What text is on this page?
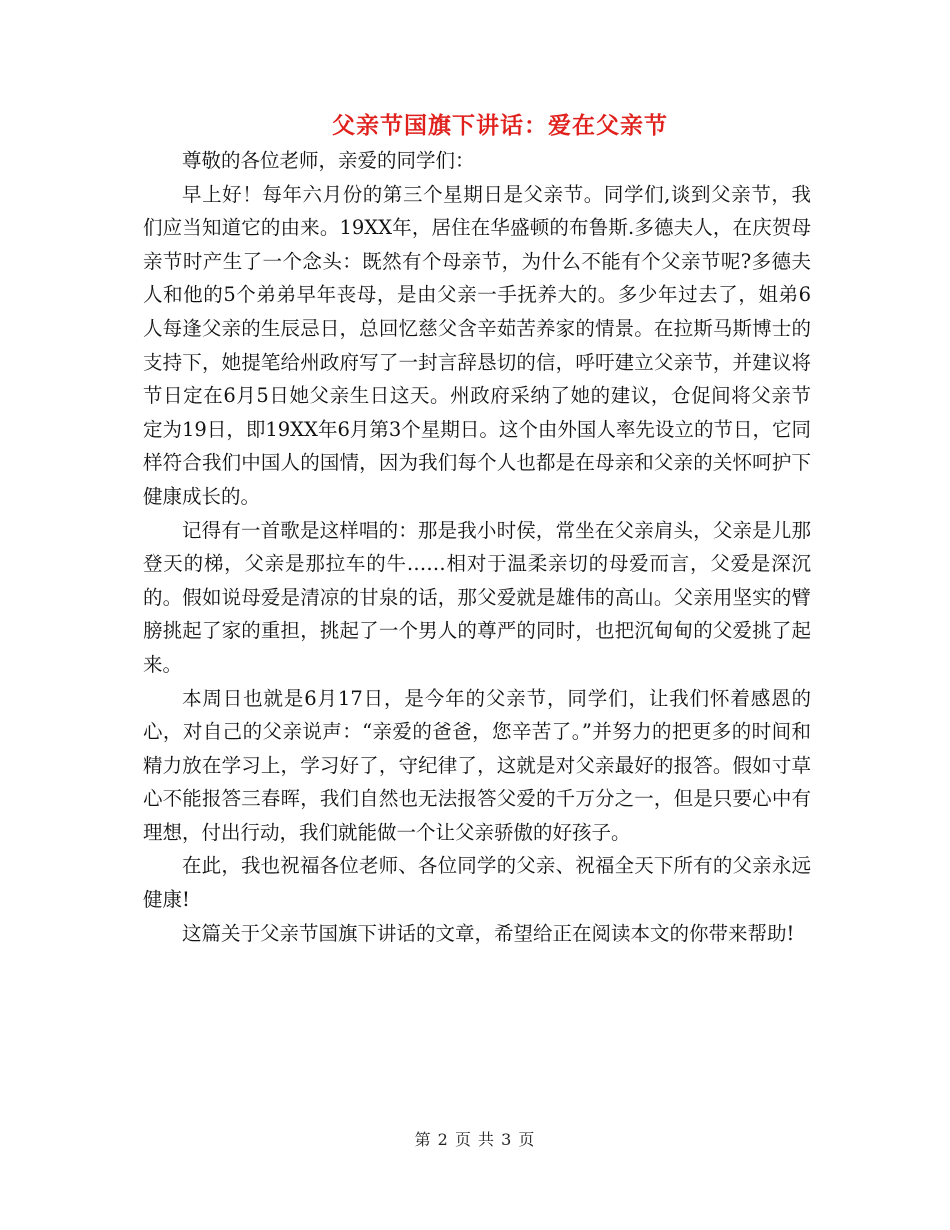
父亲节国旗下讲话：爱在父亲节

尊敬的各位老师，亲爱的同学们：

早上好！每年六月份的第三个星期日是父亲节。同学们,谈到父亲节，我们应当知道它的由来。19XX年，居住在华盛顿的布鲁斯.多德夫人，在庆贺母亲节时产生了一个念头：既然有个母亲节，为什么不能有个父亲节呢?多德夫人和他的5个弟弟早年丧母，是由父亲一手抚养大的。多少年过去了，姐弟6人每逢父亲的生辰忌日，总回忆慈父含辛茹苦养家的情景。在拉斯马斯博士的支持下，她提笔给州政府写了一封言辞恳切的信，呼吁建立父亲节，并建议将节日定在6月5日她父亲生日这天。州政府采纳了她的建议，仓促间将父亲节定为19日，即19XX年6月第3个星期日。这个由外国人率先设立的节日，它同样符合我们中国人的国情，因为我们每个人也都是在母亲和父亲的关怀呵护下健康成长的。

记得有一首歌是这样唱的：那是我小时侯，常坐在父亲肩头，父亲是儿那登天的梯，父亲是那拉车的牛……相对于温柔亲切的母爱而言，父爱是深沉的。假如说母爱是清凉的甘泉的话，那父爱就是雄伟的高山。父亲用坚实的臂膀挑起了家的重担，挑起了一个男人的尊严的同时，也把沉甸甸的父爱挑了起来。

本周日也就是6月17日，是今年的父亲节，同学们，让我们怀着感恩的心，对自己的父亲说声：“亲爱的爸爸，您辛苦了。”并努力的把更多的时间和精力放在学习上，学习好了，守纪律了，这就是对父亲最好的报答。假如寸草心不能报答三春晖，我们自然也无法报答父爱的千万分之一，但是只要心中有理想，付出行动，我们就能做一个让父亲骄傲的好孩子。

在此，我也祝福各位老师、各位同学的父亲、祝福全天下所有的父亲永远健康!

这篇关于父亲节国旗下讲话的文章，希望给正在阅读本文的你带来帮助!

第 2 页 共 3 页
